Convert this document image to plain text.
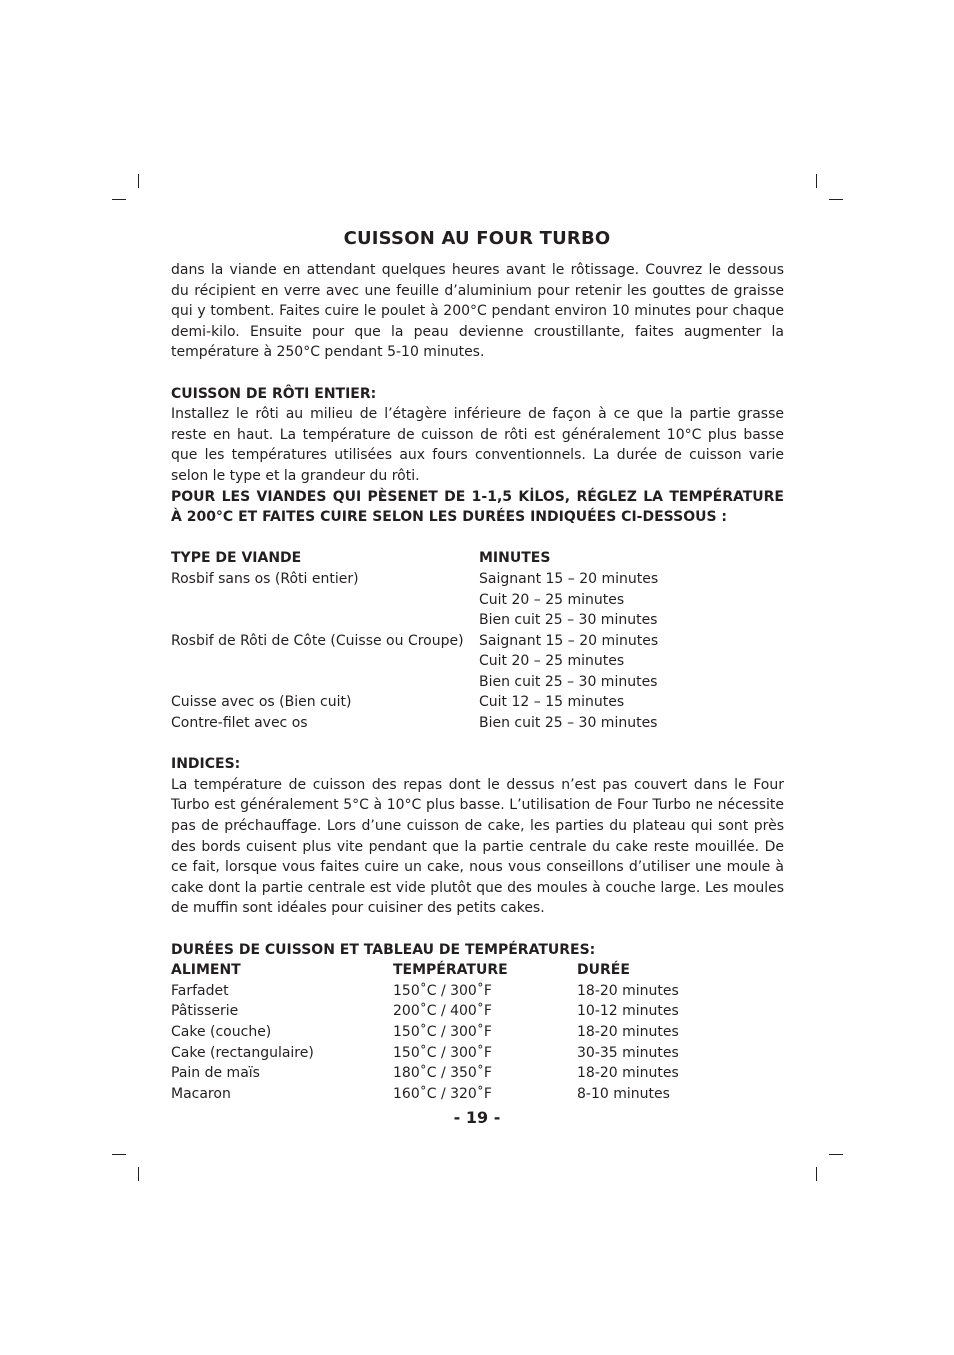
CUISSON AU FOUR TURBO

dans la viande en attendant quelques heures avant le rôtissage. Couvrez le dessous du récipient en verre avec une feuille d’aluminium pour retenir les gouttes de graisse qui y tombent. Faites cuire le poulet à 200°C pendant environ 10 minutes pour chaque demi-kilo. Ensuite pour que la peau devienne croustillante, faites augmenter la température à 250°C pendant 5-10 minutes.

CUISSON DE RÔTI ENTIER:

Installez le rôti au milieu de l’étagère inférieure de façon à ce que la partie grasse reste en haut. La température de cuisson de rôti est généralement 10°C plus basse que les températures utilisées aux fours conventionnels. La durée de cuisson varie selon le type et la grandeur du rôti.

POUR LES VIANDES QUI PÈSENET DE 1-1,5 KİLOS, RÉGLEZ LA TEMPÉRATURE À 200°C ET FAITES CUIRE SELON LES DURÉES INDIQUÉES CI-DESSOUS :

TYPE DE VIANDE	MINUTES
Rosbif sans os (Rôti entier)	Saignant 15 – 20 minutes
Cuit 20 – 25 minutes
Bien cuit 25 – 30 minutes
Rosbif de Rôti de Côte (Cuisse ou Croupe)	Saignant 15 – 20 minutes
Cuit 20 – 25 minutes
Bien cuit 25 – 30 minutes
Cuisse avec os (Bien cuit)	Cuit 12 – 15 minutes
Contre-filet avec os	Bien cuit 25 – 30 minutes

INDICES:

La température de cuisson des repas dont le dessus n’est pas couvert dans le Four Turbo est généralement 5°C à 10°C plus basse. L’utilisation de Four Turbo ne nécessite pas de préchauffage. Lors d’une cuisson de cake, les parties du plateau qui sont près des bords cuisent plus vite pendant que la partie centrale du cake reste mouillée. De ce fait, lorsque vous faites cuire un cake, nous vous conseillons d’utiliser une moule à cake dont la partie centrale est vide plutôt que des moules à couche large. Les moules de muffin sont idéales pour cuisiner des petits cakes.

DURÉES DE CUISSON ET TABLEAU DE TEMPÉRATURES:

ALIMENT	TEMPÉRATURE	DURÉE
Farfadet	150˚C / 300˚F	18-20 minutes
Pâtisserie	200˚C / 400˚F	10-12 minutes
Cake (couche)	150˚C / 300˚F	18-20 minutes
Cake (rectangulaire)	150˚C / 300˚F	30-35 minutes
Pain de maïs	180˚C / 350˚F	18-20 minutes
Macaron	160˚C / 320˚F	8-10 minutes
- 19 -
